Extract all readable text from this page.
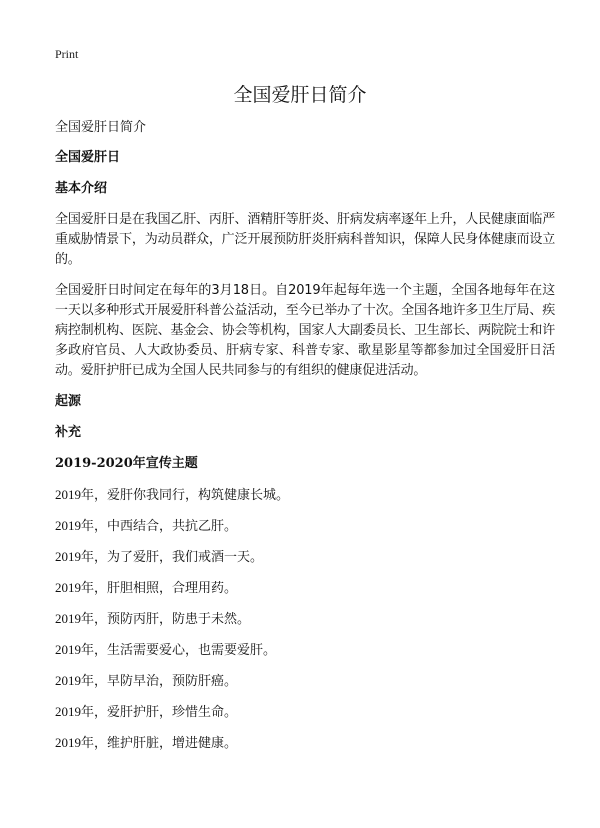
Print
全国爱肝日简介

全国爱肝日简介

全国爱肝日

基本介绍

全国爱肝日是在我国乙肝、丙肝、酒精肝等肝炎、肝病发病率逐年上升，人民健康面临严重威胁情景下，为动员群众，广泛开展预防肝炎肝病科普知识，保障人民身体健康而设立的。

全国爱肝日时间定在每年的3月18日。自2019年起每年选一个主题，全国各地每年在这一天以多种形式开展爱肝科普公益活动，至今已举办了十次。全国各地许多卫生厅局、疾病控制机构、医院、基金会、协会等机构，国家人大副委员长、卫生部长、两院院士和许多政府官员、人大政协委员、肝病专家、科普专家、歌星影星等都参加过全国爱肝日活动。爱肝护肝已成为全国人民共同参与的有组织的健康促进活动。

起源

补充

2019-2020年宣传主题

2019年，爱肝你我同行，构筑健康长城。

2019年，中西结合，共抗乙肝。

2019年，为了爱肝，我们戒酒一天。

2019年，肝胆相照，合理用药。

2019年，预防丙肝，防患于未然。

2019年，生活需要爱心，也需要爱肝。

2019年，早防早治，预防肝癌。

2019年，爱肝护肝，珍惜生命。

2019年，维护肝脏，增进健康。
